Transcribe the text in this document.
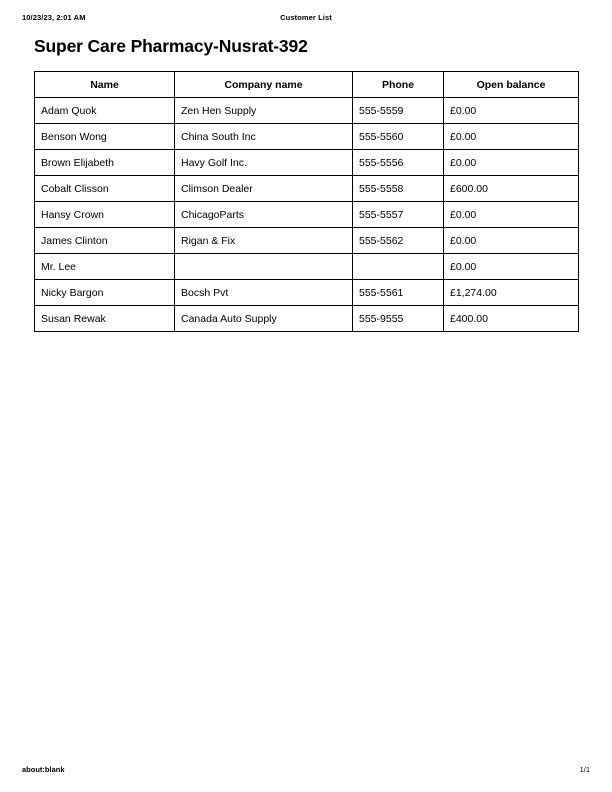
10/23/23, 2:01 AM	Customer List
Super Care Pharmacy-Nusrat-392
Name	Company name	Phone	Open balance
Adam Quok	Zen Hen Supply	555-5559	£0.00
Benson Wong	China South Inc	555-5560	£0.00
Brown Elijabeth	Havy Golf Inc.	555-5556	£0.00
Cobalt Clisson	Climson Dealer	555-5558	£600.00
Hansy Crown	ChicagoParts	555-5557	£0.00
James Clinton	Rigan & Fix	555-5562	£0.00
Mr. Lee			£0.00
Nicky Bargon	Bocsh Pvt	555-5561	£1,274.00
Susan Rewak	Canada Auto Supply	555-9555	£400.00
about:blank	1/1
